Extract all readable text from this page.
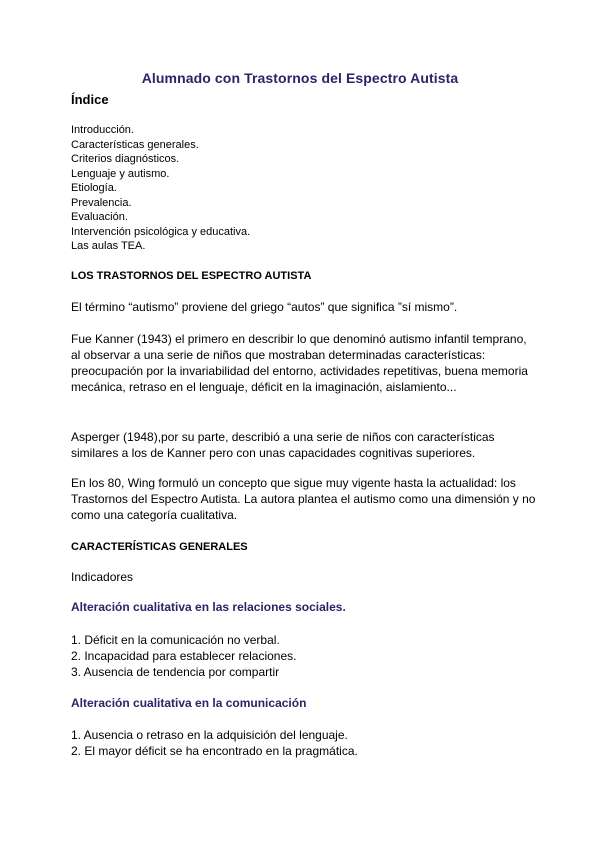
Alumnado con Trastornos del Espectro Autista
Índice
Introducción.
Características generales.
Criterios diagnósticos.
Lenguaje y autismo.
Etiología.
Prevalencia.
Evaluación.
Intervención psicológica y educativa.
Las aulas TEA.
LOS TRASTORNOS DEL ESPECTRO AUTISTA

El término “autismo” proviene del griego “autos” que significa ”sí mismo”.

Fue Kanner (1943) el primero en describir lo que denominó autismo infantil temprano, al observar a una serie de niños que mostraban determinadas características: preocupación por la invariabilidad del entorno, actividades repetitivas, buena memoria mecánica, retraso en el lenguaje, déficit en la imaginación, aislamiento...

Asperger (1948),por su parte, describió a una serie de niños con características similares a los de Kanner pero con unas capacidades cognitivas superiores.

En los 80, Wing formuló un concepto que sigue muy vigente hasta la actualidad: los Trastornos del Espectro Autista. La autora plantea el autismo como una dimensión y no como una categoría cualitativa.

CARACTERÍSTICAS GENERALES
Indicadores
Alteración cualitativa en las relaciones sociales.
1. Déficit en la comunicación no verbal.
2. Incapacidad para establecer relaciones.
3. Ausencia de tendencia por compartir
Alteración cualitativa en la comunicación
1. Ausencia o retraso en la adquisición del lenguaje.
2. El mayor déficit se ha encontrado en la pragmática.
